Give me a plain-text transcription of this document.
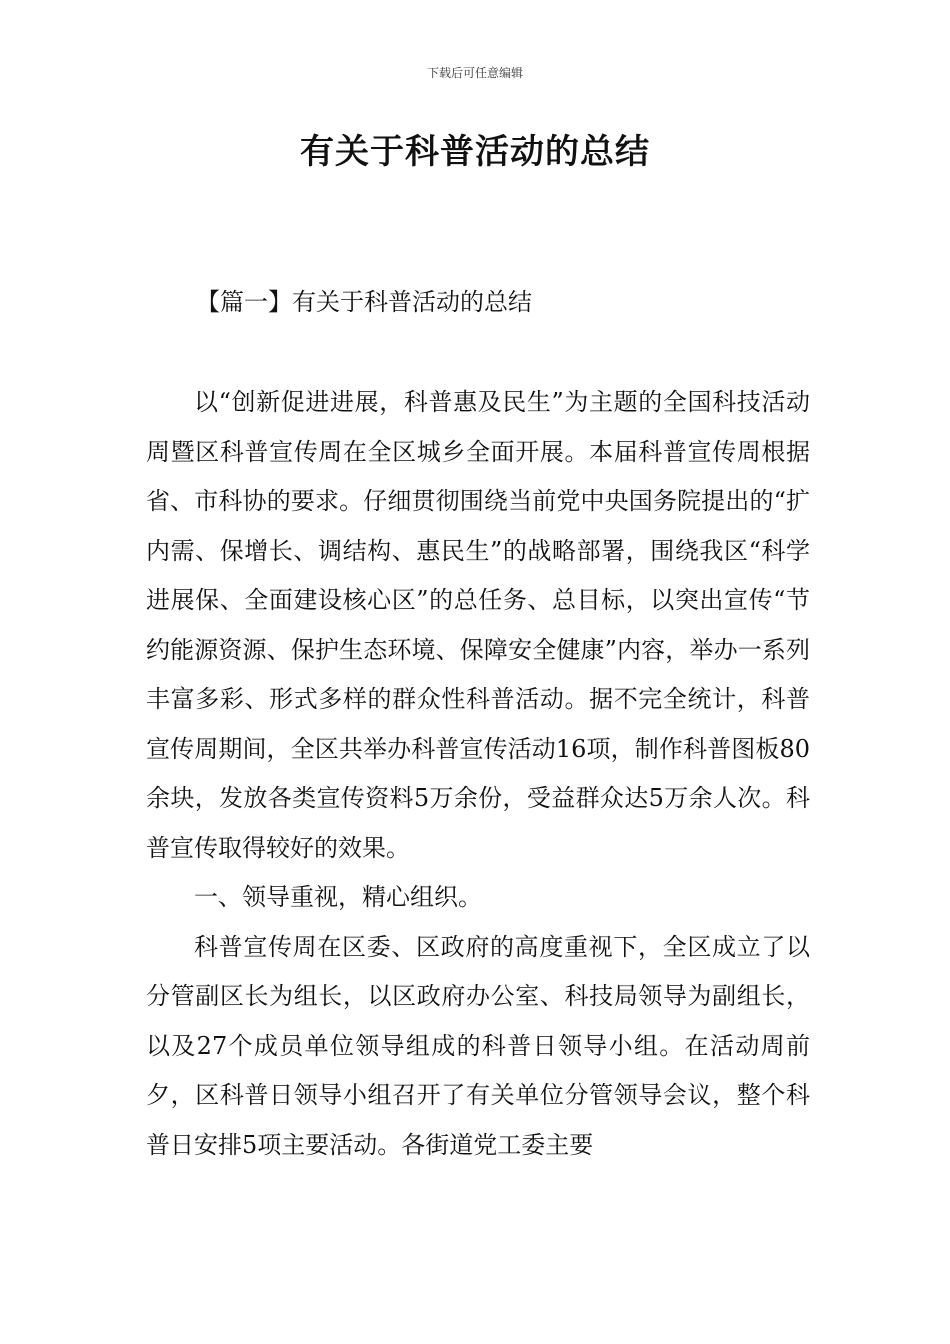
下载后可任意编辑
有关于科普活动的总结
【篇一】有关于科普活动的总结

以“创新促进进展，科普惠及民生”为主题的全国科技活动周暨区科普宣传周在全区城乡全面开展。本届科普宣传周根据省、市科协的要求。仔细贯彻围绕当前党中央国务院提出的“扩内需、保增长、调结构、惠民生”的战略部署，围绕我区“科学进展保、全面建设核心区”的总任务、总目标，以突出宣传“节约能源资源、保护生态环境、保障安全健康”内容，举办一系列丰富多彩、形式多样的群众性科普活动。据不完全统计，科普宣传周期间，全区共举办科普宣传活动16项，制作科普图板80余块，发放各类宣传资料5万余份，受益群众达5万余人次。科普宣传取得较好的效果。

一、领导重视，精心组织。

科普宣传周在区委、区政府的高度重视下，全区成立了以分管副区长为组长，以区政府办公室、科技局领导为副组长，以及27个成员单位领导组成的科普日领导小组。在活动周前夕，区科普日领导小组召开了有关单位分管领导会议，整个科普日安排5项主要活动。各街道党工委主要
